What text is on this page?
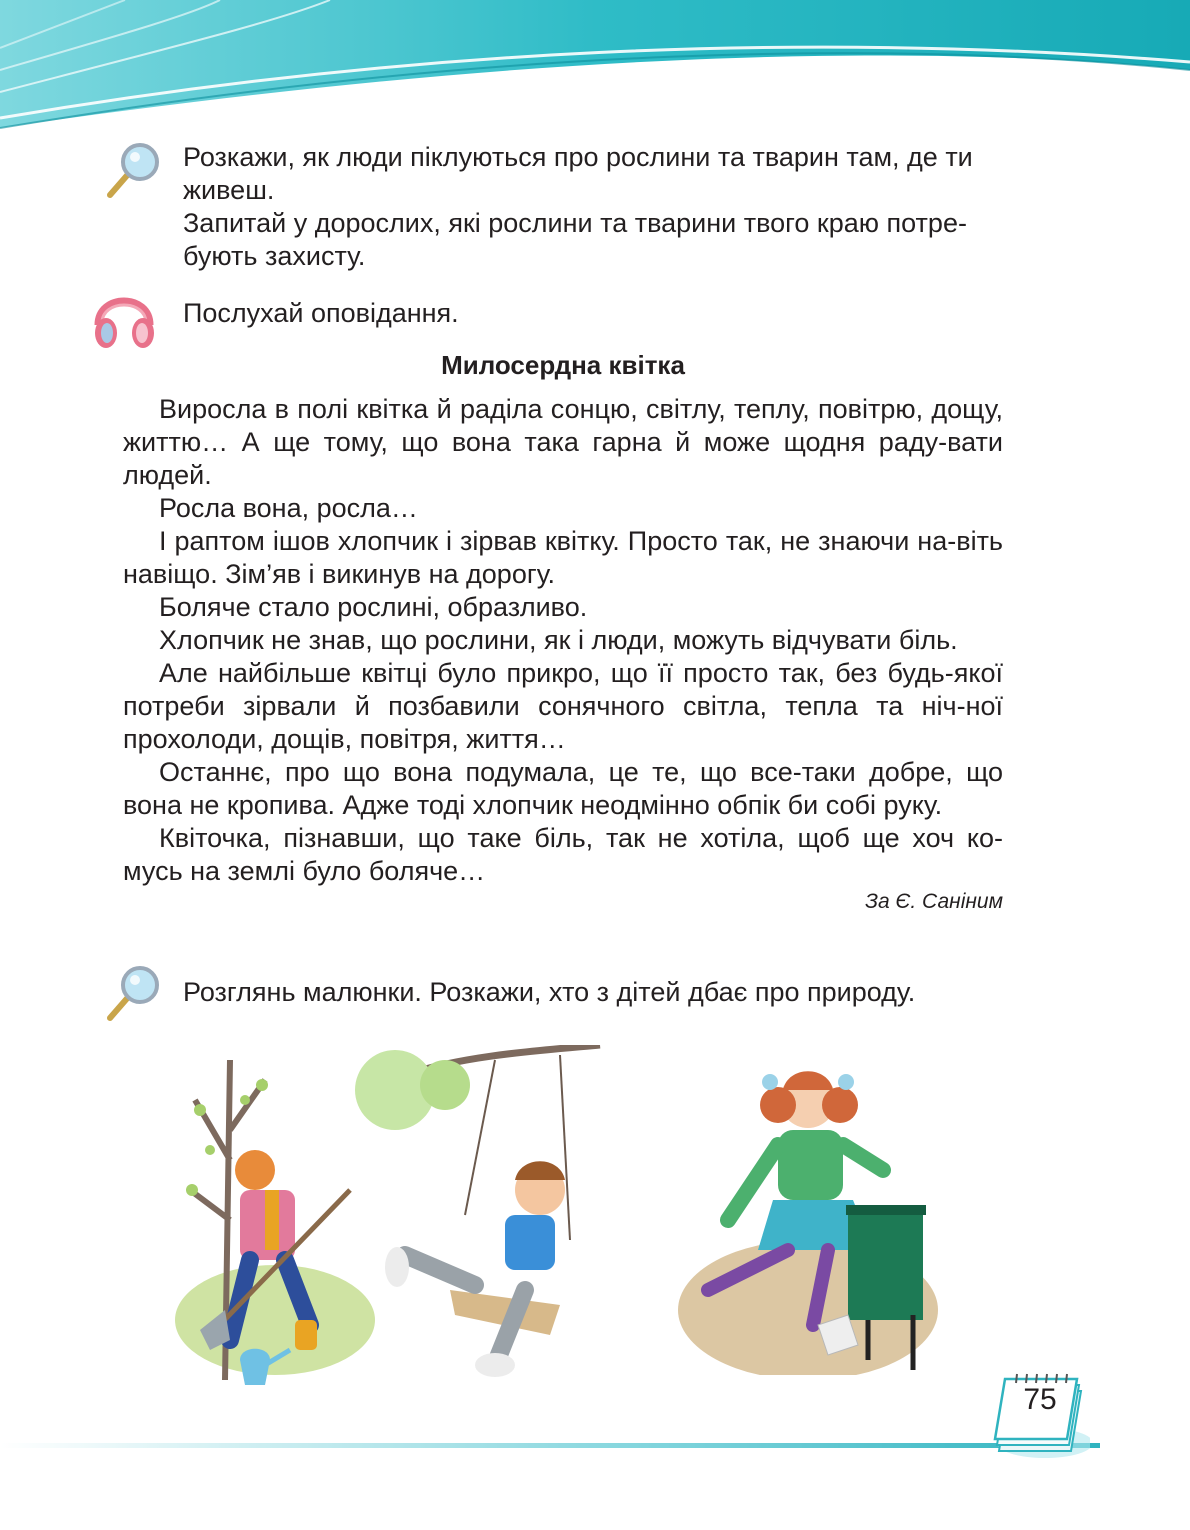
Розкажи, як люди піклуються про рослини та тварин там, де ти
живеш.
Запитай у дорослих, які рослини та тварини твого краю потре-
бують захисту.
Послухай оповідання.
Милосердна квітка
Виросла в полі квітка й раділа сонцю, світлу, теплу, повітрю, дощу, життю… А ще тому, що вона така гарна й може щодня раду-вати людей.
Росла вона, росла…
І раптом ішов хлопчик і зірвав квітку. Просто так, не знаючи на-віть навіщо. Зім’яв і викинув на дорогу.
Боляче стало рослині, образливо.
Хлопчик не знав, що рослини, як і люди, можуть відчувати біль.
Але найбільше квітці було прикро, що її просто так, без будь-якої потреби зірвали й позбавили сонячного світла, тепла та ніч-ної прохолоди, дощів, повітря, життя…
Останнє, про що вона подумала, це те, що все-таки добре, що вона не кропива. Адже тоді хлопчик неодмінно обпік би собі руку.
Квіточка, пізнавши, що таке біль, так не хотіла, щоб ще хоч ко-мусь на землі було боляче…
За Є. Саніним
Розглянь малюнки. Розкажи, хто з дітей дбає про природу.
75
